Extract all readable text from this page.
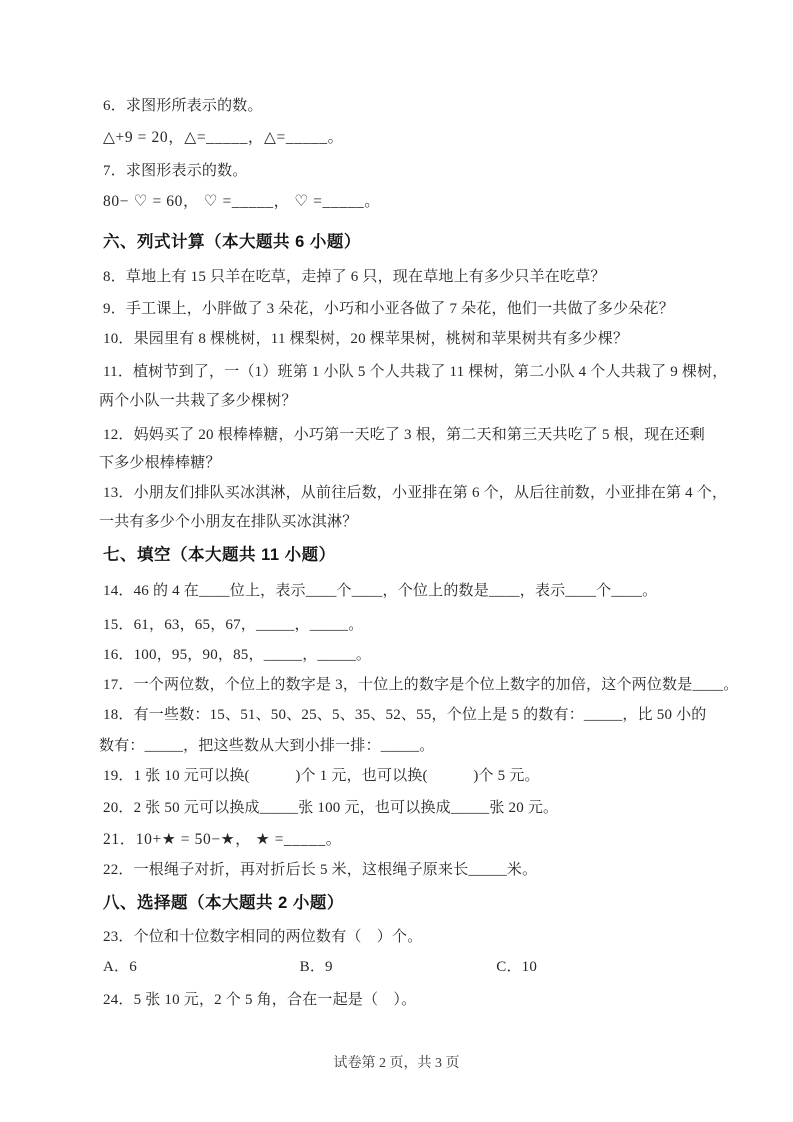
6．求图形所表示的数。
△+9 = 20，△=_____，△=_____。
7．求图形表示的数。
80− ♡ = 60， ♡ =_____， ♡ =_____。
六、列式计算（本大题共 6 小题）
8．草地上有 15 只羊在吃草，走掉了 6 只，现在草地上有多少只羊在吃草？
9．手工课上，小胖做了 3 朵花，小巧和小亚各做了 7 朵花，他们一共做了多少朵花？
10．果园里有 8 棵桃树，11 棵梨树，20 棵苹果树，桃树和苹果树共有多少棵？
11．植树节到了，一（1）班第 1 小队 5 个人共栽了 11 棵树，第二小队 4 个人共栽了 9 棵树，
两个小队一共栽了多少棵树？
12．妈妈买了 20 根棒棒糖，小巧第一天吃了 3 根，第二天和第三天共吃了 5 根，现在还剩
下多少根棒棒糖？
13．小朋友们排队买冰淇淋，从前往后数，小亚排在第 6 个，从后往前数，小亚排在第 4 个，
一共有多少个小朋友在排队买冰淇淋？
七、填空（本大题共 11 小题）
14．46 的 4 在____位上，表示____个____，个位上的数是____，表示____个____。
15．61，63，65，67，_____，_____。
16．100，95，90，85，_____，_____。
17．一个两位数，个位上的数字是 3，十位上的数字是个位上数字的加倍，这个两位数是____。
18．有一些数：15、51、50、25、5、35、52、55，个位上是 5 的数有：_____，比 50 小的
数有：_____，把这些数从大到小排一排：_____。
19．1 张 10 元可以换(　　　)个 1 元，也可以换(　　　)个 5 元。
20．2 张 50 元可以换成_____张 100 元，也可以换成_____张 20 元。
21．10+★ = 50−★， ★ =_____。
22．一根绳子对折，再对折后长 5 米，这根绳子原来长_____米。
八、选择题（本大题共 2 小题）
23．个位和十位数字相同的两位数有（　）个。
A．6	B．9	C．10
24．5 张 10 元，2 个 5 角，合在一起是（　）。
试卷第 2 页，共 3 页
